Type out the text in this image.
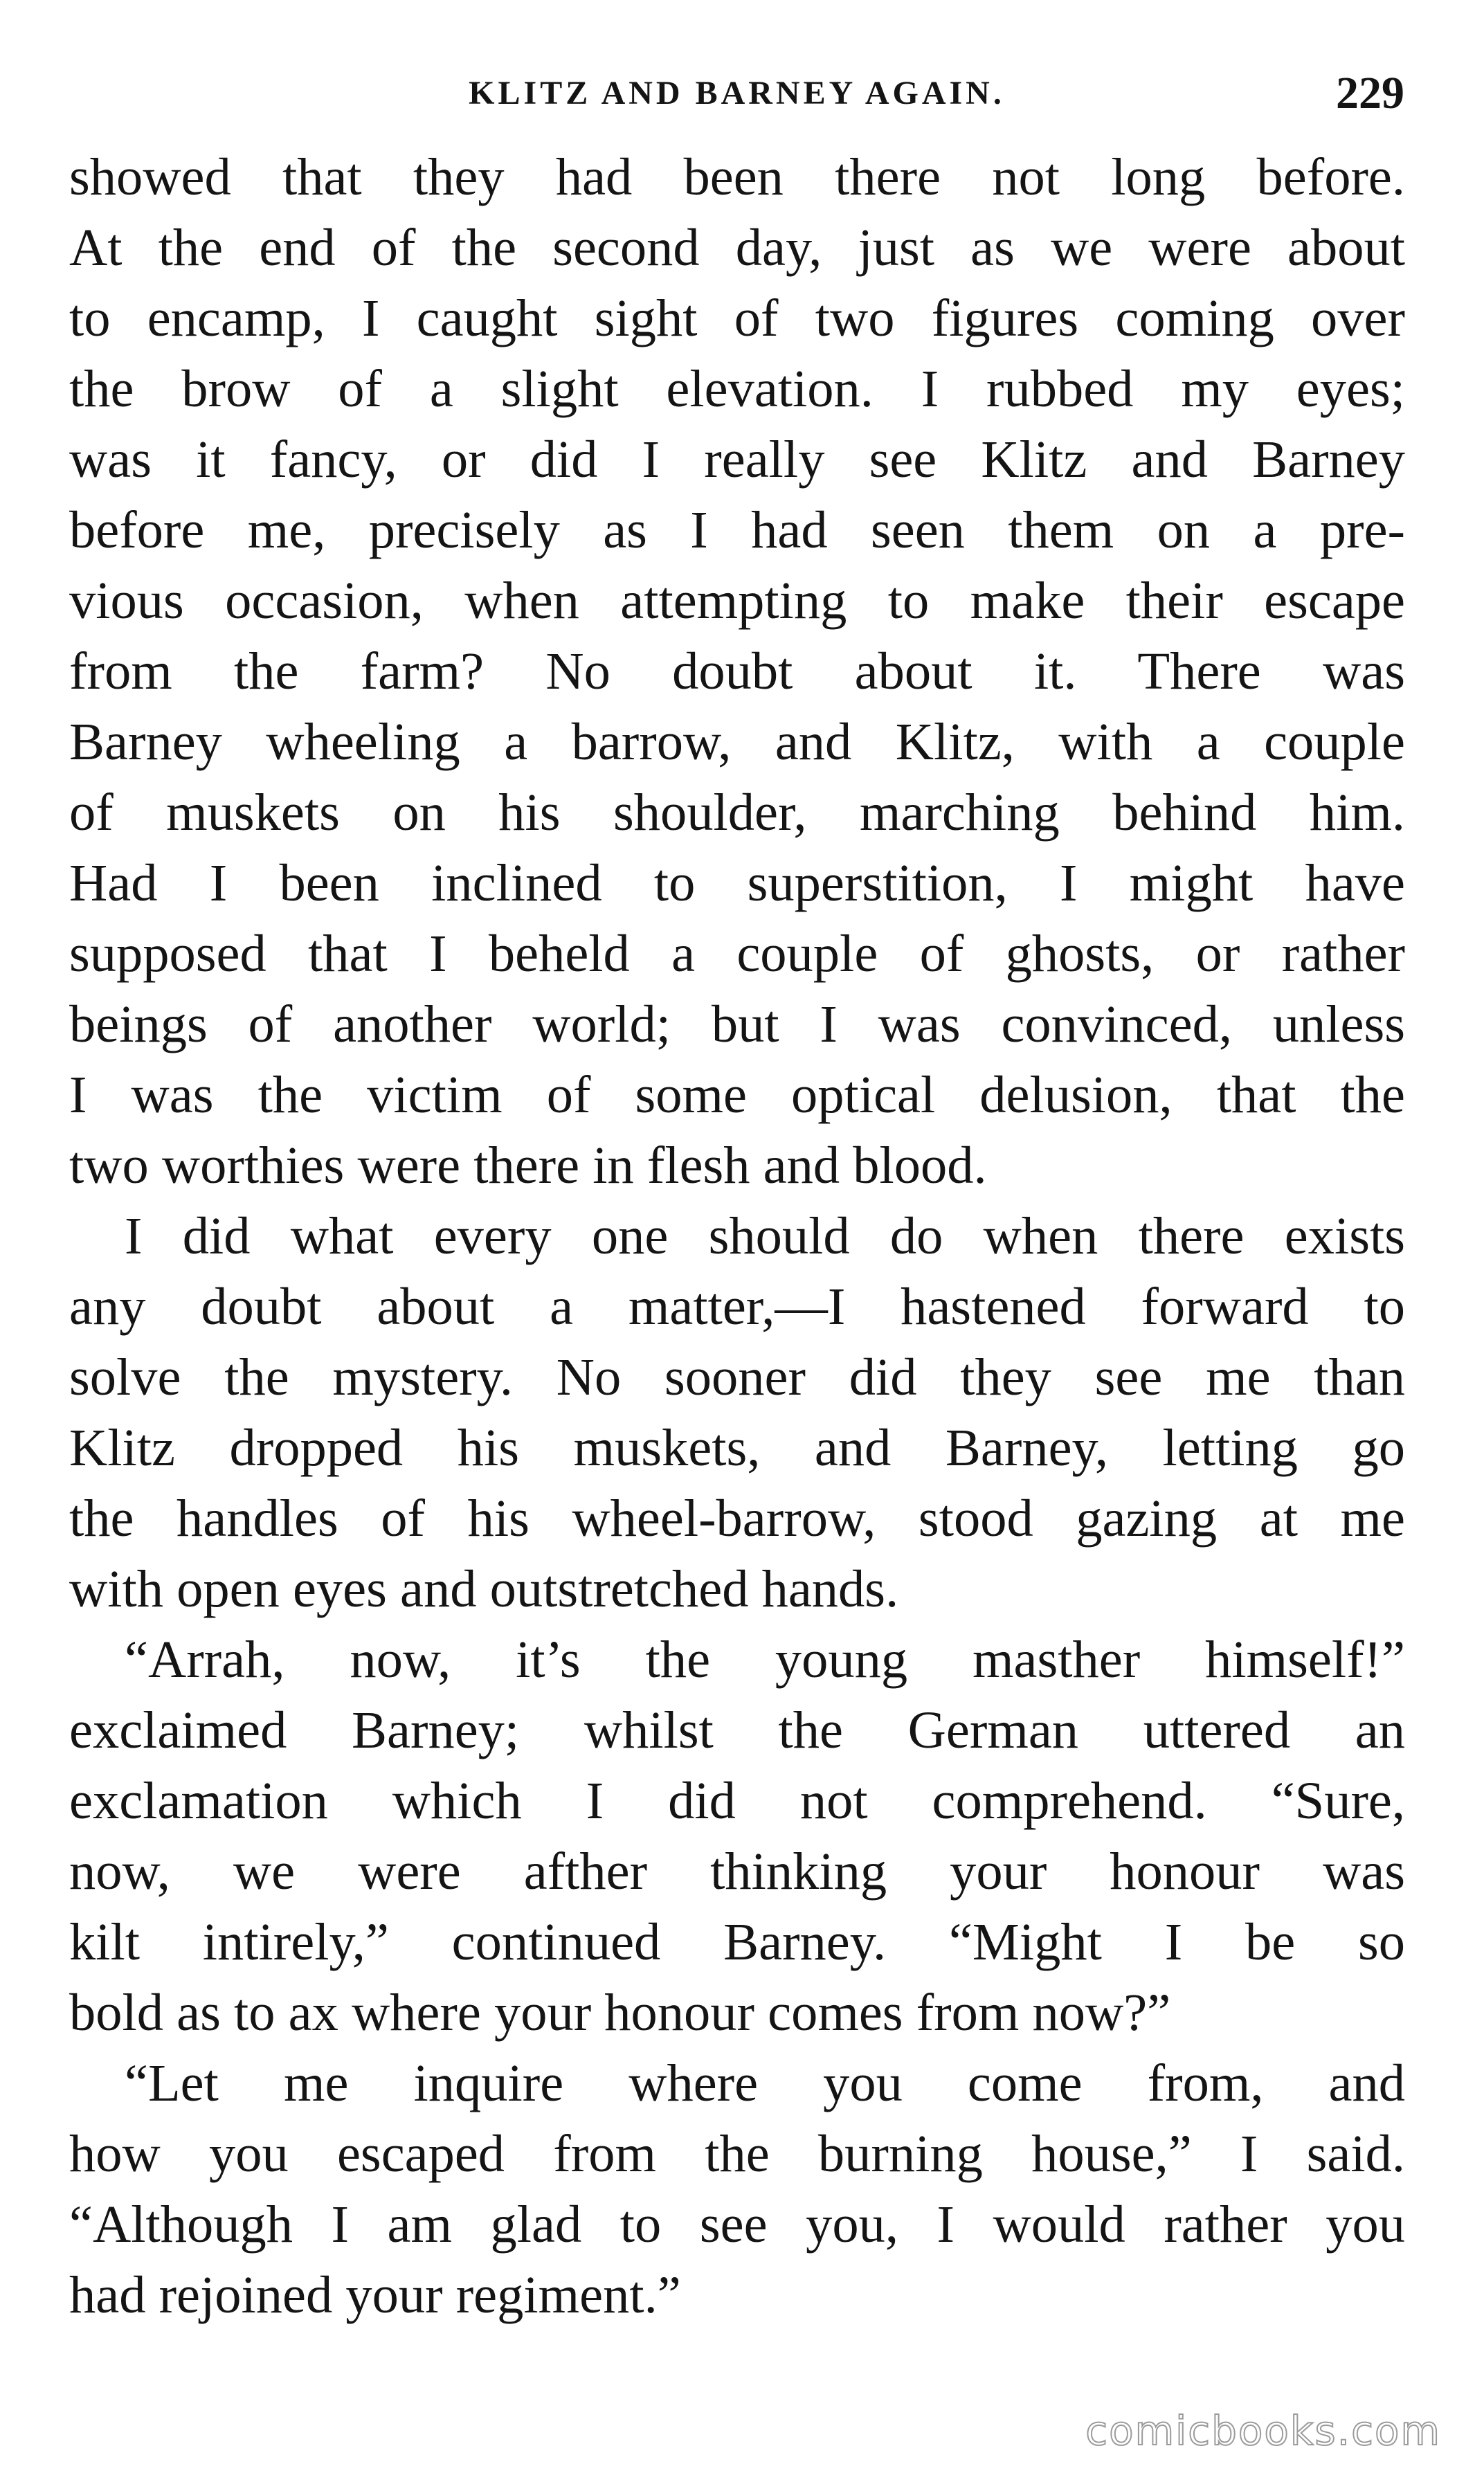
KLITZ AND BARNEY AGAIN.	229

showed that they had been there not long before.
At the end of the second day, just as we were about
to encamp, I caught sight of two figures coming over
the brow of a slight elevation. I rubbed my eyes;
was it fancy, or did I really see Klitz and Barney
before me, precisely as I had seen them on a pre-
vious occasion, when attempting to make their escape
from the farm? No doubt about it. There was
Barney wheeling a barrow, and Klitz, with a couple
of muskets on his shoulder, marching behind him.
Had I been inclined to superstition, I might have
supposed that I beheld a couple of ghosts, or rather
beings of another world; but I was convinced, unless
I was the victim of some optical delusion, that the
two worthies were there in flesh and blood.

I did what every one should do when there exists
any doubt about a matter,—I hastened forward to
solve the mystery. No sooner did they see me than
Klitz dropped his muskets, and Barney, letting go
the handles of his wheel-barrow, stood gazing at me
with open eyes and outstretched hands.

“Arrah, now, it’s the young masther himself!”
exclaimed Barney; whilst the German uttered an
exclamation which I did not comprehend. “Sure,
now, we were afther thinking your honour was
kilt intirely,” continued Barney. “Might I be so
bold as to ax where your honour comes from now?”

“Let me inquire where you come from, and
how you escaped from the burning house,” I said.
“Although I am glad to see you, I would rather you
had rejoined your regiment.”

comicbooks.com
